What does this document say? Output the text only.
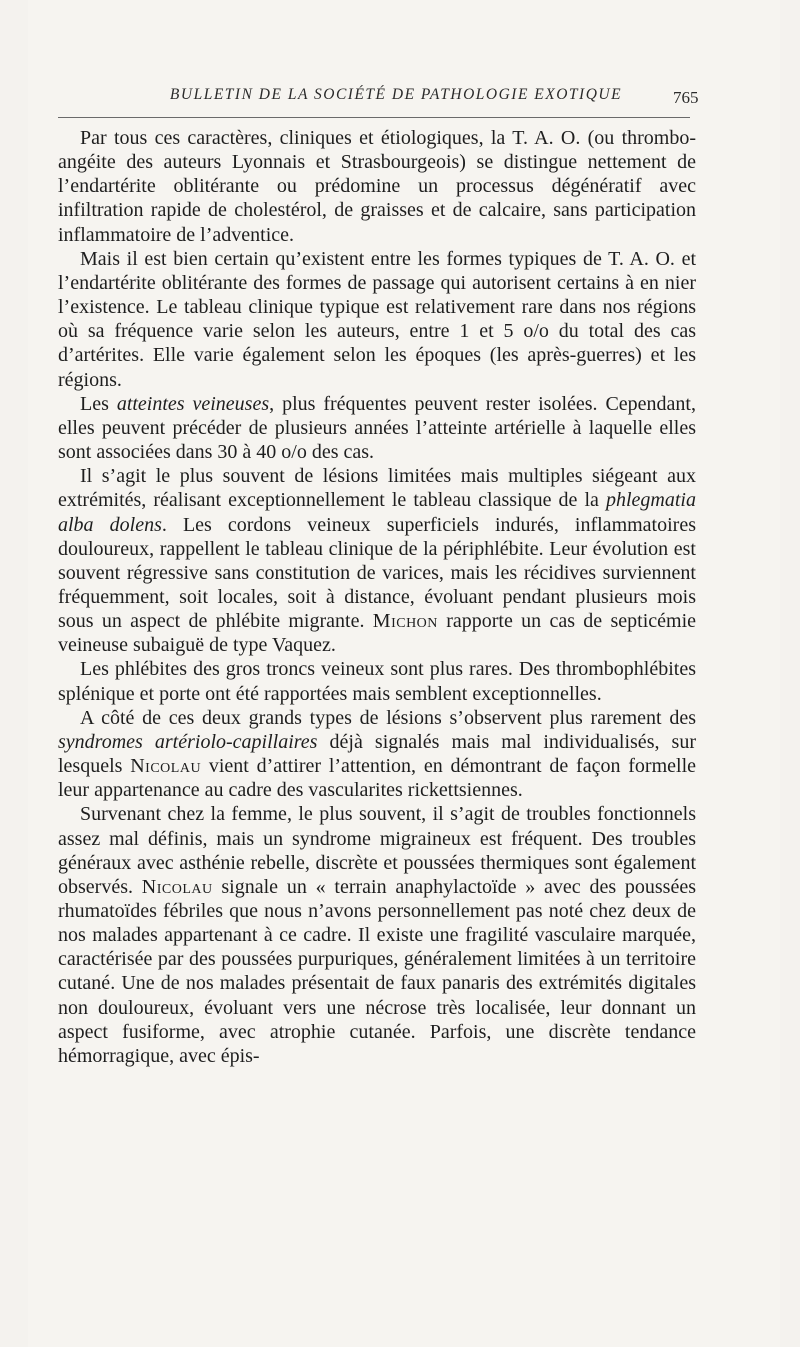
BULLETIN DE LA SOCIÉTÉ DE PATHOLOGIE EXOTIQUE	765

Par tous ces caractères, cliniques et étiologiques, la T. A. O. (ou thrombo-angéite des auteurs Lyonnais et Strasbourgeois) se distingue nettement de l’endartérite oblitérante ou prédomine un processus dégénératif avec infiltration rapide de cholestérol, de graisses et de calcaire, sans participation inflammatoire de l’adventice.

Mais il est bien certain qu’existent entre les formes typiques de T. A. O. et l’endartérite oblitérante des formes de passage qui autorisent certains à en nier l’existence. Le tableau clinique typique est relativement rare dans nos régions où sa fréquence varie selon les auteurs, entre 1 et 5 o/o du total des cas d’artérites. Elle varie également selon les époques (les après-guerres) et les régions.

Les atteintes veineuses, plus fréquentes peuvent rester isolées. Cependant, elles peuvent précéder de plusieurs années l’atteinte artérielle à laquelle elles sont associées dans 30 à 40 o/o des cas.

Il s’agit le plus souvent de lésions limitées mais multiples siégeant aux extrémités, réalisant exceptionnellement le tableau classique de la phlegmatia alba dolens. Les cordons veineux superficiels indurés, inflammatoires douloureux, rappellent le tableau clinique de la périphlébite. Leur évolution est souvent régressive sans constitution de varices, mais les récidives surviennent fréquemment, soit locales, soit à distance, évoluant pendant plusieurs mois sous un aspect de phlébite migrante. Michon rapporte un cas de septicémie veineuse subaiguë de type Vaquez.

Les phlébites des gros troncs veineux sont plus rares. Des thrombophlébites splénique et porte ont été rapportées mais semblent exceptionnelles.

A côté de ces deux grands types de lésions s’observent plus rarement des syndromes artériolo-capillaires déjà signalés mais mal individualisés, sur lesquels Nicolau vient d’attirer l’attention, en démontrant de façon formelle leur appartenance au cadre des vascularites rickettsiennes.

Survenant chez la femme, le plus souvent, il s’agit de troubles fonctionnels assez mal définis, mais un syndrome migraineux est fréquent. Des troubles généraux avec asthénie rebelle, discrète et poussées thermiques sont également observés. Nicolau signale un « terrain anaphylactoïde » avec des poussées rhumatoïdes fébriles que nous n’avons personnellement pas noté chez deux de nos malades appartenant à ce cadre. Il existe une fragilité vasculaire marquée, caractérisée par des poussées purpuriques, généralement limitées à un territoire cutané. Une de nos malades présentait de faux panaris des extrémités digitales non douloureux, évoluant vers une nécrose très localisée, leur donnant un aspect fusiforme, avec atrophie cutanée. Parfois, une discrète tendance hémorragique, avec épis-
